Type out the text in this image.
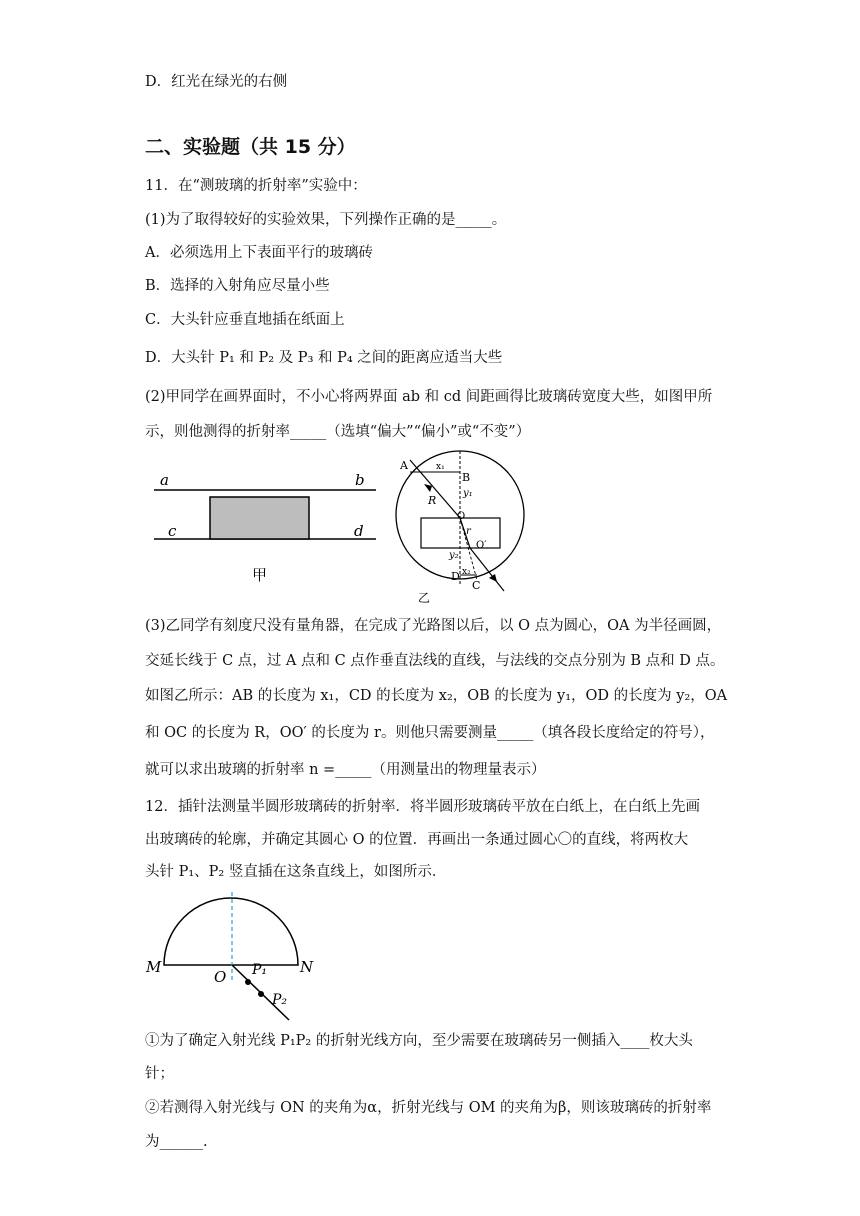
D．红光在绿光的右侧
二、实验题（共 15 分）
11．在“测玻璃的折射率”实验中：
(1)为了取得较好的实验效果，下列操作正确的是_____。
A．必须选用上下表面平行的玻璃砖
B．选择的入射角应尽量小些
C．大头针应垂直地插在纸面上
D．大头针 P₁ 和 P₂ 及 P₃ 和 P₄ 之间的距离应适当大些
(2)甲同学在画界面时，不小心将两界面 ab 和 cd 间距画得比玻璃砖宽度大些，如图甲所
示，则他测得的折射率_____（选填“偏大”“偏小”或“不变”）
a	b
c	d
甲
A
B
x₁
y₁
R
O
r
O′
y₂
x₂
D
C
乙
(3)乙同学有刻度尺没有量角器，在完成了光路图以后，以 O 点为圆心，OA 为半径画圆，
交延长线于 C 点，过 A 点和 C 点作垂直法线的直线，与法线的交点分别为 B 点和 D 点。
如图乙所示：AB 的长度为 x₁，CD 的长度为 x₂，OB 的长度为 y₁，OD 的长度为 y₂，OA
和 OC 的长度为 R，OO′ 的长度为 r。则他只需要测量_____（填各段长度给定的符号），
就可以求出玻璃的折射率 n =_____（用测量出的物理量表示）
12．插针法测量半圆形玻璃砖的折射率．将半圆形玻璃砖平放在白纸上，在白纸上先画
出玻璃砖的轮廓，并确定其圆心 O 的位置．再画出一条通过圆心〇的直线，将两枚大
头针 P₁、P₂ 竖直插在这条直线上，如图所示．
M	N
O P₁
P₂
①为了确定入射光线 P₁P₂ 的折射光线方向，至少需要在玻璃砖另一侧插入____枚大头
针；
②若测得入射光线与 ON 的夹角为α，折射光线与 OM 的夹角为β，则该玻璃砖的折射率
为______.
